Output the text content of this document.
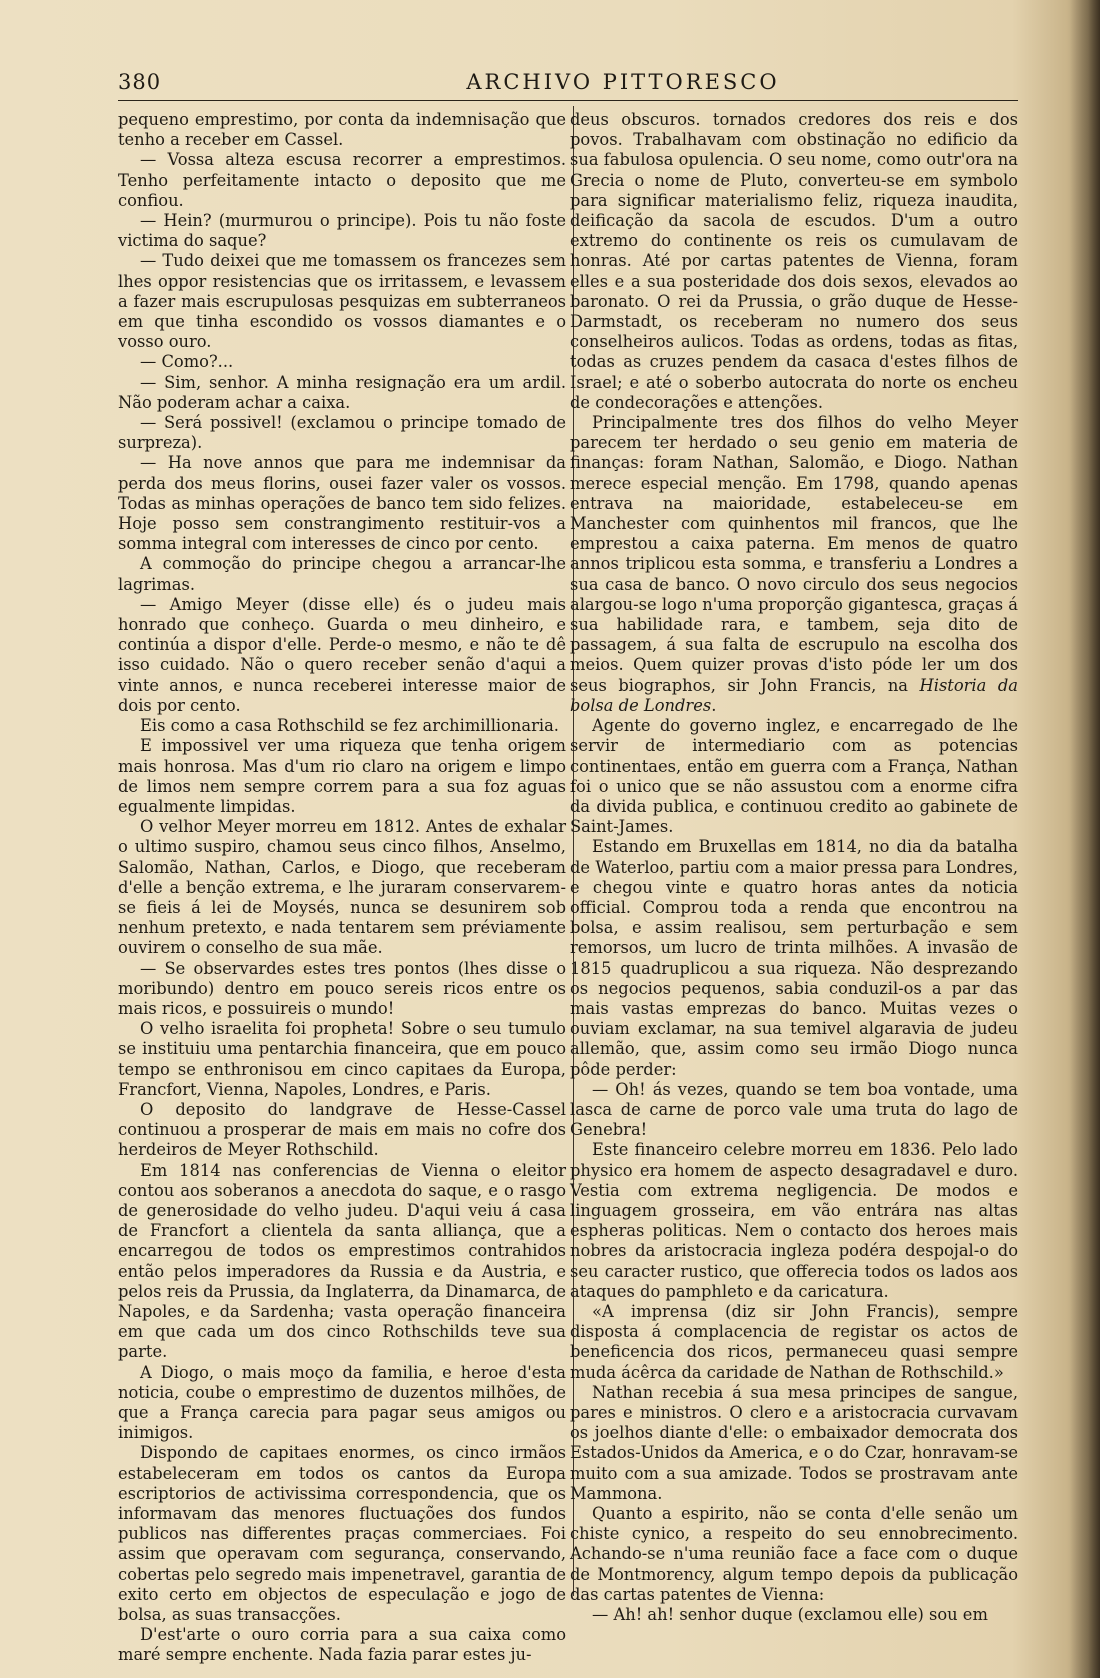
380	ARCHIVO PITTORESCO

pequeno emprestimo, por conta da indemnisação que tenho a receber em Cassel.

— Vossa alteza escusa recorrer a emprestimos. Tenho perfeitamente intacto o deposito que me confiou.

— Hein? (murmurou o principe). Pois tu não foste victima do saque?

— Tudo deixei que me tomassem os francezes sem lhes oppor resistencias que os irritassem, e levassem a fazer mais escrupulosas pesquizas em subterraneos em que tinha escondido os vossos diamantes e o vosso ouro.

— Como?...

— Sim, senhor. A minha resignação era um ardil. Não poderam achar a caixa.

— Será possivel! (exclamou o principe tomado de surpreza).

— Ha nove annos que para me indemnisar da perda dos meus florins, ousei fazer valer os vossos. Todas as minhas operações de banco tem sido felizes. Hoje posso sem constrangimento restituir-vos a somma integral com interesses de cinco por cento.

A commoção do principe chegou a arrancar-lhe lagrimas.

— Amigo Meyer (disse elle) és o judeu mais honrado que conheço. Guarda o meu dinheiro, e continúa a dispor d'elle. Perde-o mesmo, e não te dê isso cuidado. Não o quero receber senão d'aqui a vinte annos, e nunca receberei interesse maior de dois por cento.

Eis como a casa Rothschild se fez archimillionaria.

E impossivel ver uma riqueza que tenha origem mais honrosa. Mas d'um rio claro na origem e limpo de limos nem sempre correm para a sua foz aguas egualmente limpidas.

O velhor Meyer morreu em 1812. Antes de exhalar o ultimo suspiro, chamou seus cinco filhos, Anselmo, Salomão, Nathan, Carlos, e Diogo, que receberam d'elle a benção extrema, e lhe juraram conservarem-se fieis á lei de Moysés, nunca se desunirem sob nenhum pretexto, e nada tentarem sem préviamente ouvirem o conselho de sua mãe.

— Se observardes estes tres pontos (lhes disse o moribundo) dentro em pouco sereis ricos entre os mais ricos, e possuireis o mundo!

O velho israelita foi propheta! Sobre o seu tumulo se instituiu uma pentarchia financeira, que em pouco tempo se enthronisou em cinco capitaes da Europa, Francfort, Vienna, Napoles, Londres, e Paris.

O deposito do landgrave de Hesse-Cassel continuou a prosperar de mais em mais no cofre dos herdeiros de Meyer Rothschild.

Em 1814 nas conferencias de Vienna o eleitor contou aos soberanos a anecdota do saque, e o rasgo de generosidade do velho judeu. D'aqui veiu á casa de Francfort a clientela da santa alliança, que a encarregou de todos os emprestimos contrahidos então pelos imperadores da Russia e da Austria, e pelos reis da Prussia, da Inglaterra, da Dinamarca, de Napoles, e da Sardenha; vasta operação financeira em que cada um dos cinco Rothschilds teve sua parte.

A Diogo, o mais moço da familia, e heroe d'esta noticia, coube o emprestimo de duzentos milhões, de que a França carecia para pagar seus amigos ou inimigos.

Dispondo de capitaes enormes, os cinco irmãos estabeleceram em todos os cantos da Europa escriptorios de activissima correspondencia, que os informavam das menores fluctuações dos fundos publicos nas differentes praças commerciaes. Foi assim que operavam com segurança, conservando, cobertas pelo segredo mais impenetravel, garantia de exito certo em objectos de especulação e jogo de bolsa, as suas transacções.

D'est'arte o ouro corria para a sua caixa como maré sempre enchente. Nada fazia parar estes ju-

deus obscuros. tornados credores dos reis e dos povos. Trabalhavam com obstinação no edificio da sua fabulosa opulencia. O seu nome, como outr'ora na Grecia o nome de Pluto, converteu-se em symbolo para significar materialismo feliz, riqueza inaudita, deificação da sacola de escudos. D'um a outro extremo do continente os reis os cumulavam de honras. Até por cartas patentes de Vienna, foram elles e a sua posteridade dos dois sexos, elevados ao baronato. O rei da Prussia, o grão duque de Hesse-Darmstadt, os receberam no numero dos seus conselheiros aulicos. Todas as ordens, todas as fitas, todas as cruzes pendem da casaca d'estes filhos de Israel; e até o soberbo autocrata do norte os encheu de condecorações e attenções.

Principalmente tres dos filhos do velho Meyer parecem ter herdado o seu genio em materia de finanças: foram Nathan, Salomão, e Diogo. Nathan merece especial menção. Em 1798, quando apenas entrava na maioridade, estabeleceu-se em Manchester com quinhentos mil francos, que lhe emprestou a caixa paterna. Em menos de quatro annos triplicou esta somma, e transferiu a Londres a sua casa de banco. O novo circulo dos seus negocios alargou-se logo n'uma proporção gigantesca, graças á sua habilidade rara, e tambem, seja dito de passagem, á sua falta de escrupulo na escolha dos meios. Quem quizer provas d'isto póde ler um dos seus biographos, sir John Francis, na Historia da bolsa de Londres.

Agente do governo inglez, e encarregado de lhe servir de intermediario com as potencias continentaes, então em guerra com a França, Nathan foi o unico que se não assustou com a enorme cifra da divida publica, e continuou credito ao gabinete de Saint-James.

Estando em Bruxellas em 1814, no dia da batalha de Waterloo, partiu com a maior pressa para Londres, e chegou vinte e quatro horas antes da noticia official. Comprou toda a renda que encontrou na bolsa, e assim realisou, sem perturbação e sem remorsos, um lucro de trinta milhões. A invasão de 1815 quadruplicou a sua riqueza. Não desprezando os negocios pequenos, sabia conduzil-os a par das mais vastas emprezas do banco. Muitas vezes o ouviam exclamar, na sua temivel algaravia de judeu allemão, que, assim como seu irmão Diogo nunca pôde perder:

— Oh! ás vezes, quando se tem boa vontade, uma lasca de carne de porco vale uma truta do lago de Genebra!

Este financeiro celebre morreu em 1836. Pelo lado physico era homem de aspecto desagradavel e duro. Vestia com extrema negligencia. De modos e linguagem grosseira, em vão entrára nas altas espheras politicas. Nem o contacto dos heroes mais nobres da aristocracia ingleza podéra despojal-o do seu caracter rustico, que offerecia todos os lados aos ataques do pamphleto e da caricatura.

«A imprensa (diz sir John Francis), sempre disposta á complacencia de registar os actos de beneficencia dos ricos, permaneceu quasi sempre muda ácêrca da caridade de Nathan de Rothschild.»

Nathan recebia á sua mesa principes de sangue, pares e ministros. O clero e a aristocracia curvavam os joelhos diante d'elle: o embaixador democrata dos Estados-Unidos da America, e o do Czar, honravam-se muito com a sua amizade. Todos se prostravam ante Mammona.

Quanto a espirito, não se conta d'elle senão um chiste cynico, a respeito do seu ennobrecimento. Achando-se n'uma reunião face a face com o duque de Montmorency, algum tempo depois da publicação das cartas patentes de Vienna:

— Ah! ah! senhor duque (exclamou elle) sou em
